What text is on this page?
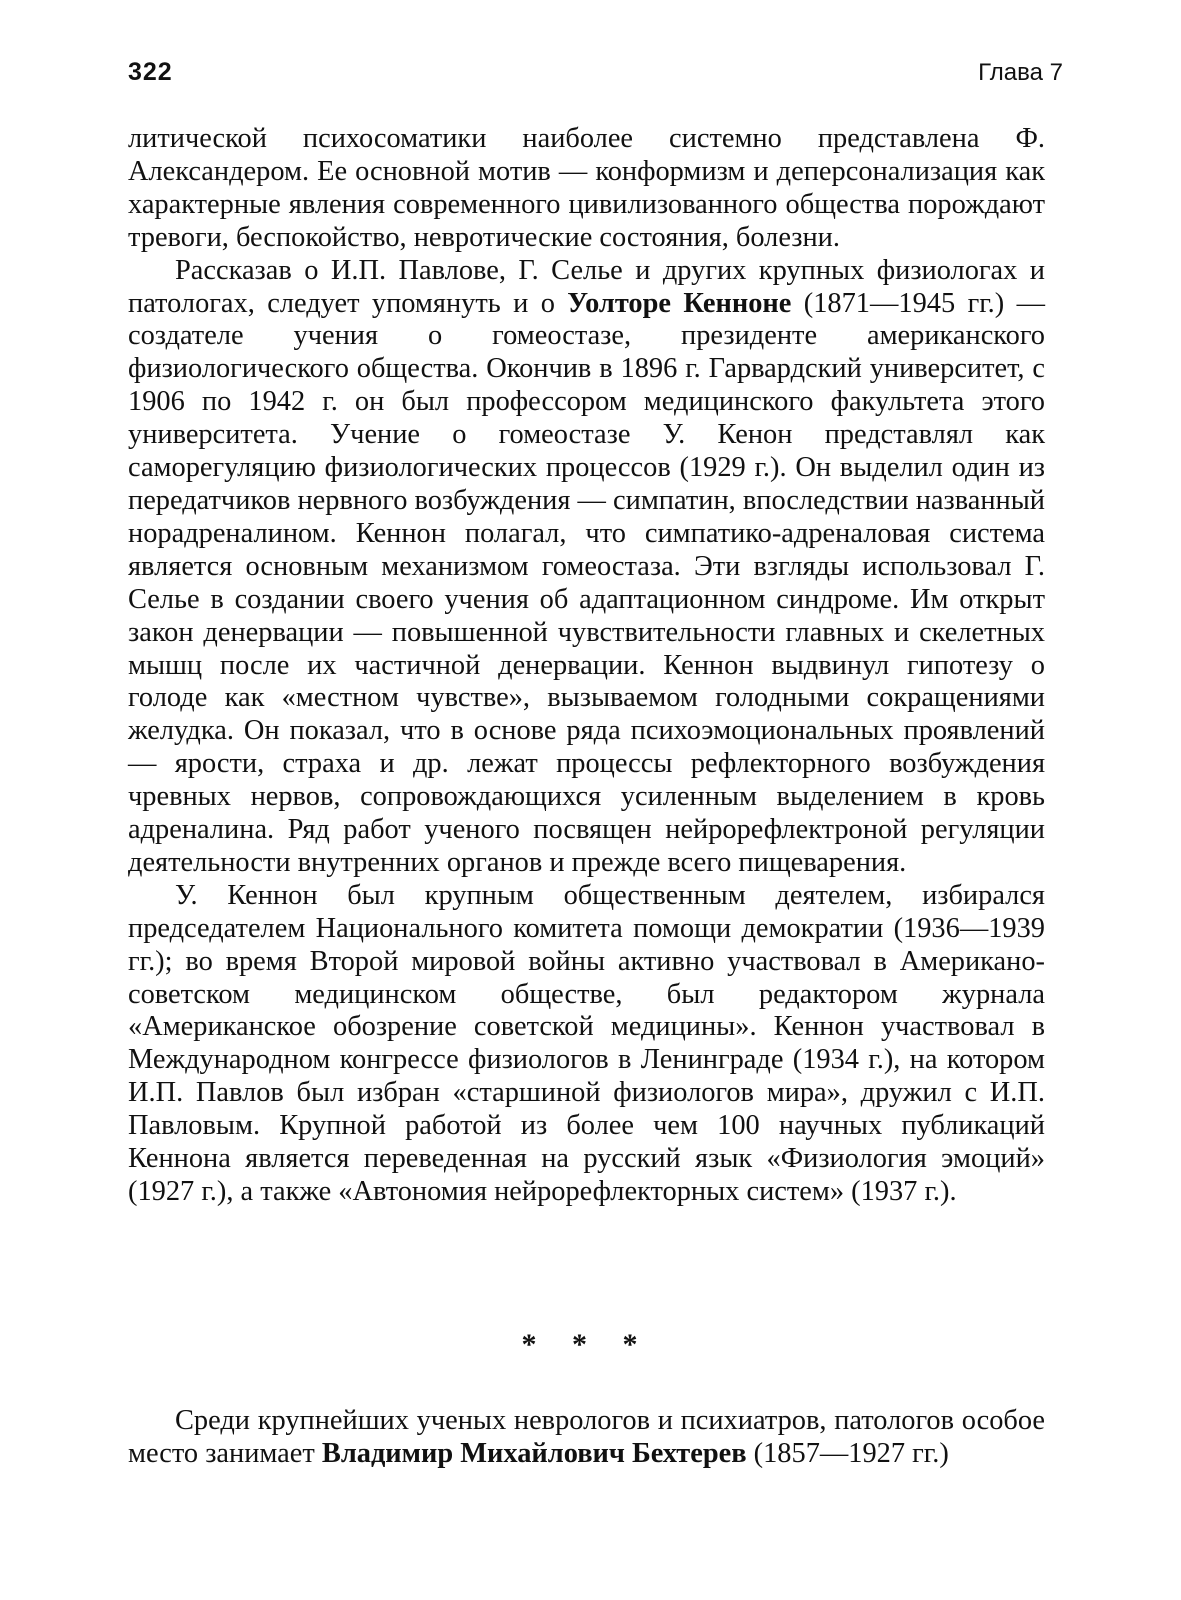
322	Глава 7

литической психосоматики наиболее системно представлена Ф. Александером. Ее основной мотив — конформизм и деперсонализация как характерные явления современного цивилизованного общества порождают тревоги, беспокойство, невротические состояния, болезни.

Рассказав о И.П. Павлове, Г. Селье и других крупных физиологах и патологах, следует упомянуть и о Уолторе Кенноне (1871—1945 гг.) — создателе учения о гомеостазе, президенте американского физиологического общества. Окончив в 1896 г. Гарвардский университет, с 1906 по 1942 г. он был профессором медицинского факультета этого университета. Учение о гомеостазе У. Кенон представлял как саморегуляцию физиологических процессов (1929 г.). Он выделил один из передатчиков нервного возбуждения — симпатин, впоследствии названный норадреналином. Кеннон полагал, что симпатико-адреналовая система является основным механизмом гомеостаза. Эти взгляды использовал Г. Селье в создании своего учения об адаптационном синдроме. Им открыт закон денервации — повышенной чувствительности главных и скелетных мышц после их частичной денервации. Кеннон выдвинул гипотезу о голоде как «местном чувстве», вызываемом голодными сокращениями желудка. Он показал, что в основе ряда психоэмоциональных проявлений — ярости, страха и др. лежат процессы рефлекторного возбуждения чревных нервов, сопровождающихся усиленным выделением в кровь адреналина. Ряд работ ученого посвящен нейрорефлектроной регуляции деятельности внутренних органов и прежде всего пищеварения.

У. Кеннон был крупным общественным деятелем, избирался председателем Национального комитета помощи демократии (1936—1939 гг.); во время Второй мировой войны активно участвовал в Американо-советском медицинском обществе, был редактором журнала «Американское обозрение советской медицины». Кеннон участвовал в Международном конгрессе физиологов в Ленинграде (1934 г.), на котором И.П. Павлов был избран «старшиной физиологов мира», дружил с И.П. Павловым. Крупной работой из более чем 100 научных публикаций Кеннона является переведенная на русский язык «Физиология эмоций» (1927 г.), а также «Автономия нейрорефлекторных систем» (1937 г.).

* * *

Среди крупнейших ученых неврологов и психиатров, патологов особое место занимает Владимир Михайлович Бехтерев (1857—1927 гг.)
